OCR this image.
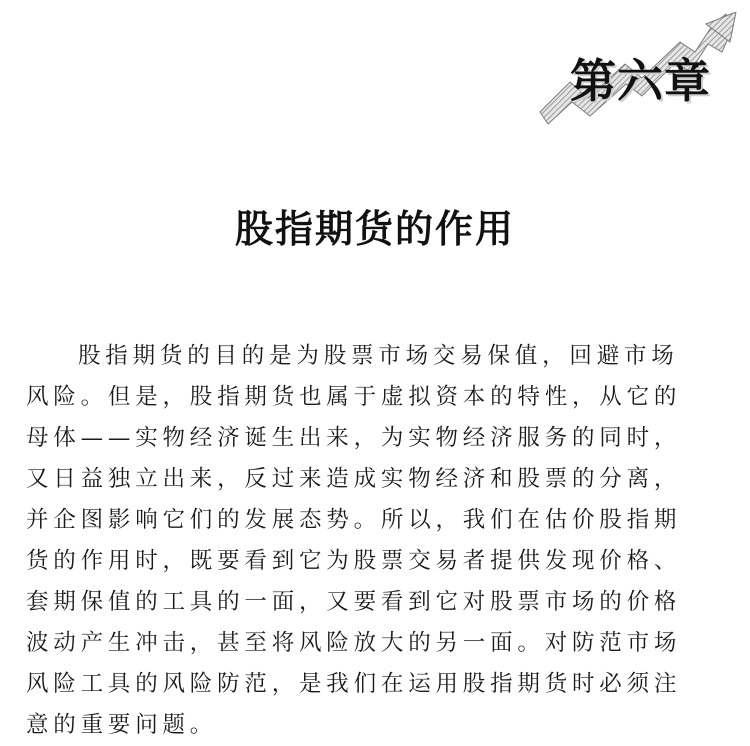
第六章
股指期货的作用
股指期货的目的是为股票市场交易保值，回避市场
风险。但是，股指期货也属于虚拟资本的特性，从它的
母体——实物经济诞生出来，为实物经济服务的同时，
又日益独立出来，反过来造成实物经济和股票的分离，
并企图影响它们的发展态势。所以，我们在估价股指期
货的作用时，既要看到它为股票交易者提供发现价格、
套期保值的工具的一面，又要看到它对股票市场的价格
波动产生冲击，甚至将风险放大的另一面。对防范市场
风险工具的风险防范，是我们在运用股指期货时必须注
意的重要问题。
